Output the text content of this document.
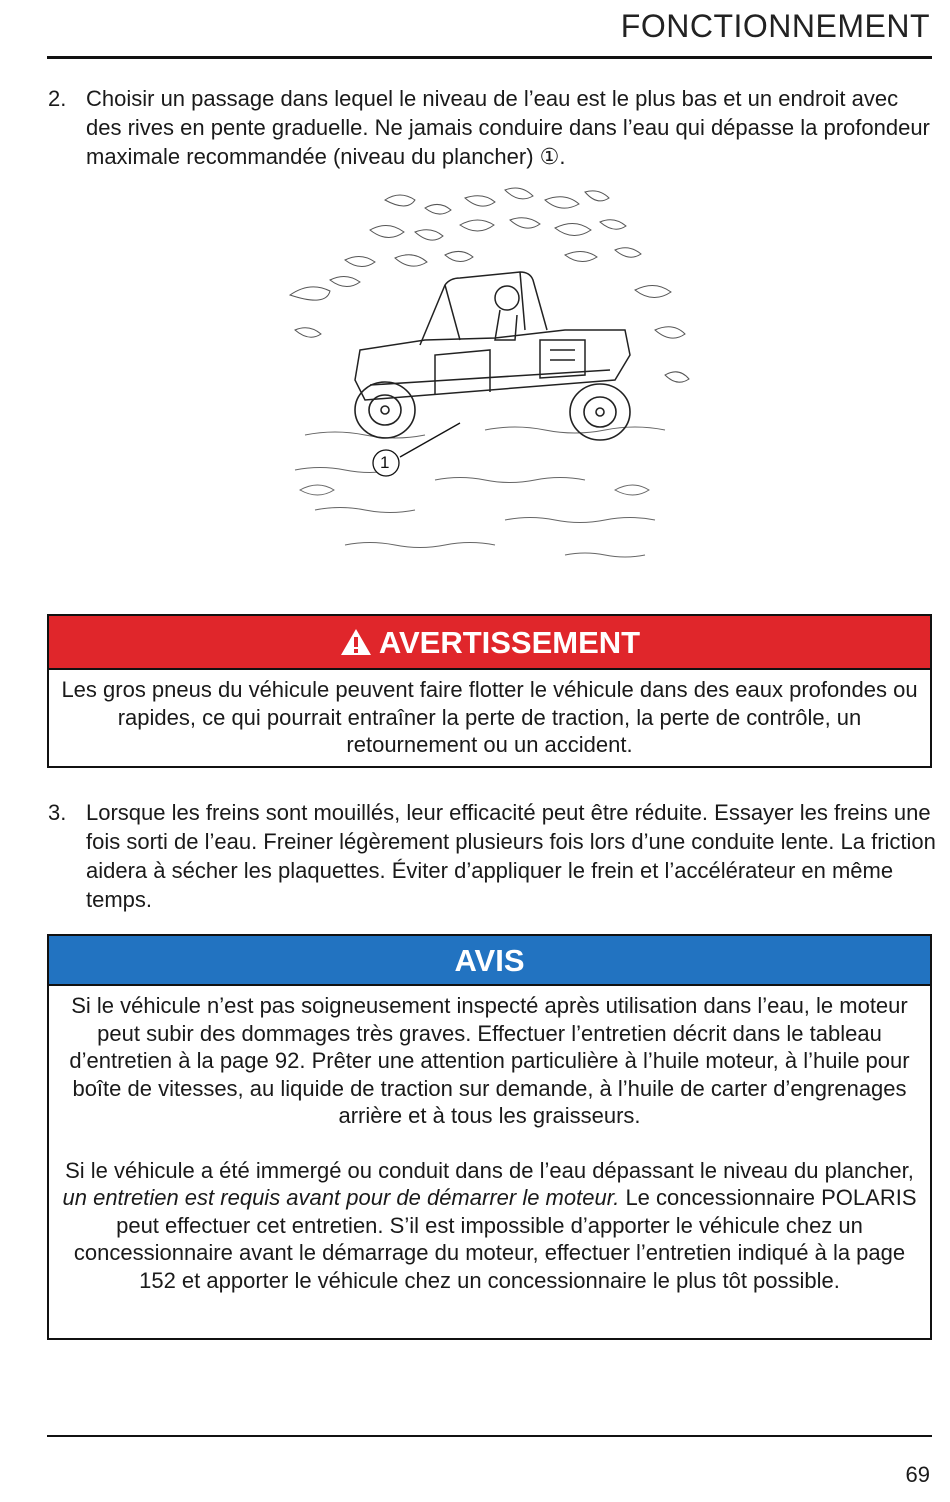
FONCTIONNEMENT
2. Choisir un passage dans lequel le niveau de l’eau est le plus bas et un endroit avec des rives en pente graduelle. Ne jamais conduire dans l’eau qui dépasse la profondeur maximale recommandée (niveau du plancher) ①.
1
AVERTISSEMENT
Les gros pneus du véhicule peuvent faire flotter le véhicule dans des eaux profondes ou rapides, ce qui pourrait entraîner la perte de traction, la perte de contrôle, un retournement ou un accident.
3. Lorsque les freins sont mouillés, leur efficacité peut être réduite. Essayer les freins une fois sorti de l’eau. Freiner légèrement plusieurs fois lors d’une conduite lente. La friction aidera à sécher les plaquettes. Éviter d’appliquer le frein et l’accélérateur en même temps.
AVIS

Si le véhicule n’est pas soigneusement inspecté après utilisation dans l’eau, le moteur peut subir des dommages très graves. Effectuer l’entretien décrit dans le tableau d’entretien à la page 92. Prêter une attention particulière à l’huile moteur, à l’huile pour boîte de vitesses, au liquide de traction sur demande, à l’huile de carter d’engrenages arrière et à tous les graisseurs.

Si le véhicule a été immergé ou conduit dans de l’eau dépassant le niveau du plancher, un entretien est requis avant pour de démarrer le moteur. Le concessionnaire POLARIS peut effectuer cet entretien. S’il est impossible d’apporter le véhicule chez un concessionnaire avant le démarrage du moteur, effectuer l’entretien indiqué à la page 152 et apporter le véhicule chez un concessionnaire le plus tôt possible.

69
